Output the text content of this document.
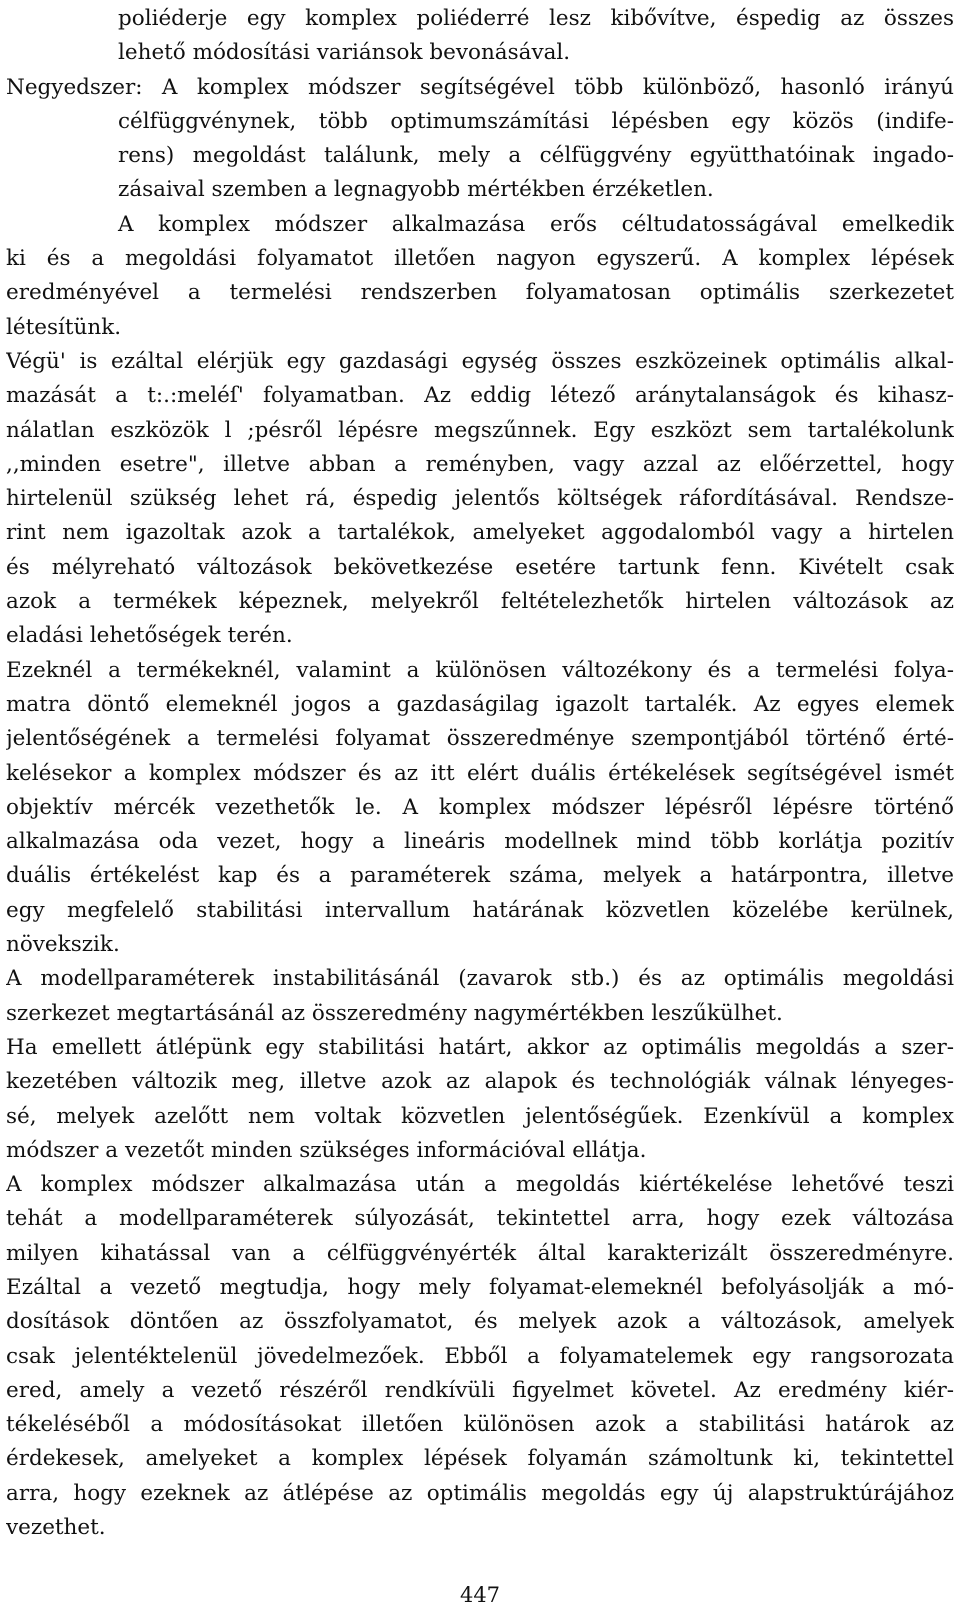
poliéderje egy komplex poliéderré lesz kibővítve, éspedig az összes
lehető módosítási variánsok bevonásával.
Negyedszer: A komplex módszer segítségével több különböző, hasonló irányú
célfüggvénynek, több optimumszámítási lépésben egy közös (indife-
rens) megoldást találunk, mely a célfüggvény együtthatóinak ingado-
zásaival szemben a legnagyobb mértékben érzéketlen.
A komplex módszer alkalmazása erős céltudatosságával emelkedik
ki és a megoldási folyamatot illetően nagyon egyszerű. A komplex lépések
eredményével a termelési rendszerben folyamatosan optimális szerkezetet
létesítünk.
Végü' is ezáltal elérjük egy gazdasági egység összes eszközeinek optimális alkal-
mazását a t:.:meléſ' folyamatban. Az eddig létező aránytalanságok és kihasz-
nálatlan eszközök l ;pésről lépésre megszűnnek. Egy eszközt sem tartalékolunk
,,minden esetre", illetve abban a reményben, vagy azzal az előérzettel, hogy
hirtelenül szükség lehet rá, éspedig jelentős költségek ráfordításával. Rendsze-
rint nem igazoltak azok a tartalékok, amelyeket aggodalomból vagy a hirtelen
és mélyreható változások bekövetkezése esetére tartunk fenn. Kivételt csak
azok a termékek képeznek, melyekről feltételezhetők hirtelen változások az
eladási lehetőségek terén.
Ezeknél a termékeknél, valamint a különösen változékony és a termelési folya-
matra döntő elemeknél jogos a gazdaságilag igazolt tartalék. Az egyes elemek
jelentőségének a termelési folyamat összeredménye szempontjából történő érté-
kelésekor a komplex módszer és az itt elért duális értékelések segítségével ismét
objektív mércék vezethetők le. A komplex módszer lépésről lépésre történő
alkalmazása oda vezet, hogy a lineáris modellnek mind több korlátja pozitív
duális értékelést kap és a paraméterek száma, melyek a határpontra, illetve
egy megfelelő stabilitási intervallum határának közvetlen közelébe kerülnek,
növekszik.
A modellparaméterek instabilitásánál (zavarok stb.) és az optimális megoldási
szerkezet megtartásánál az összeredmény nagymértékben leszűkülhet.
Ha emellett átlépünk egy stabilitási határt, akkor az optimális megoldás a szer-
kezetében változik meg, illetve azok az alapok és technológiák válnak lényeges-
sé, melyek azelőtt nem voltak közvetlen jelentőségűek. Ezenkívül a komplex
módszer a vezetőt minden szükséges információval ellátja.
A komplex módszer alkalmazása után a megoldás kiértékelése lehetővé teszi
tehát a modellparaméterek súlyozását, tekintettel arra, hogy ezek változása
milyen kihatással van a célfüggvényérték által karakterizált összeredményre.
Ezáltal a vezető megtudja, hogy mely folyamat-elemeknél befolyásolják a mó-
dosítások döntően az összfolyamatot, és melyek azok a változások, amelyek
csak jelentéktelenül jövedelmezőek. Ebből a folyamatelemek egy rangsorozata
ered, amely a vezető részéről rendkívüli figyelmet követel. Az eredmény kiér-
tékeléséből a módosításokat illetően különösen azok a stabilitási határok az
érdekesek, amelyeket a komplex lépések folyamán számoltunk ki, tekintettel
arra, hogy ezeknek az átlépése az optimális megoldás egy új alapstruktúrájához
vezethet.
447
